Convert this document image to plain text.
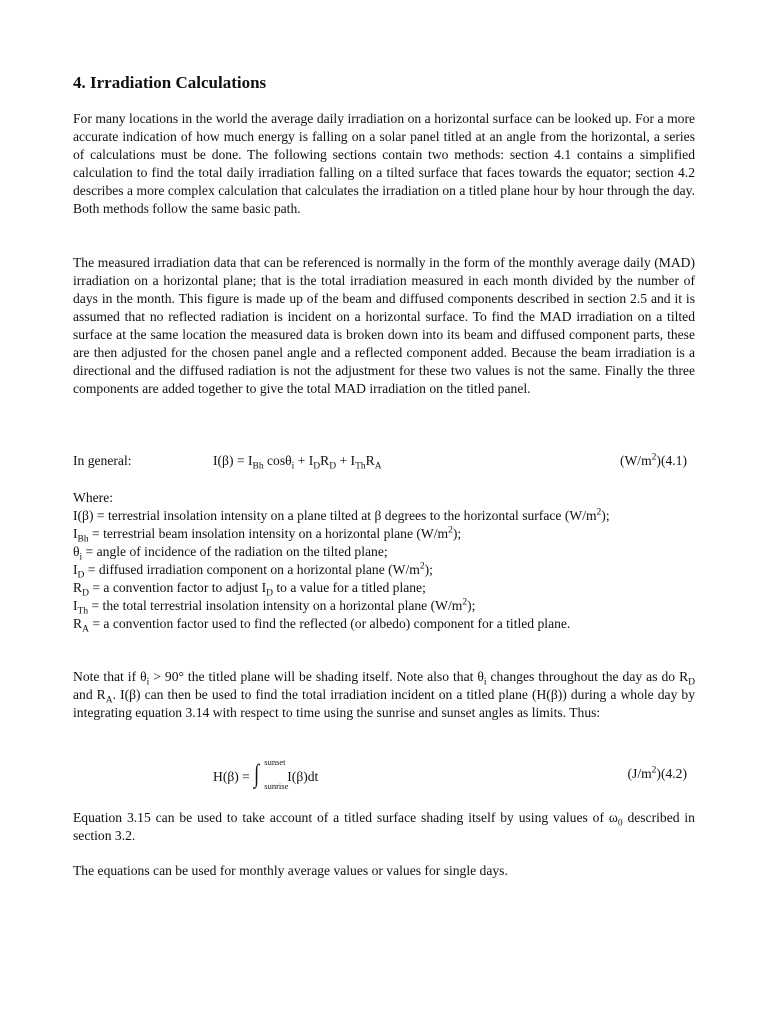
4. Irradiation Calculations

For many locations in the world the average daily irradiation on a horizontal surface can be looked up. For a more accurate indication of how much energy is falling on a solar panel titled at an angle from the horizontal, a series of calculations must be done. The following sections contain two methods: section 4.1 contains a simplified calculation to find the total daily irradiation falling on a tilted surface that faces towards the equator; section 4.2 describes a more complex calculation that calculates the irradiation on a titled plane hour by hour through the day. Both methods follow the same basic path.

The measured irradiation data that can be referenced is normally in the form of the monthly average daily (MAD) irradiation on a horizontal plane; that is the total irradiation measured in each month divided by the number of days in the month. This figure is made up of the beam and diffused components described in section 2.5 and it is assumed that no reflected radiation is incident on a horizontal surface. To find the MAD irradiation on a tilted surface at the same location the measured data is broken down into its beam and diffused component parts, these are then adjusted for the chosen panel angle and a reflected component added. Because the beam irradiation is a directional and the diffused radiation is not the adjustment for these two values is not the same. Finally the three components are added together to give the total MAD irradiation on the titled panel.

In general:	$I(\beta) = I_{Bh}$ $\cos\theta_i + I_DR_D + I_{Th}R_A$	$(W/m^2)(4.1)$

Where:

I(β) = terrestrial insolation intensity on a plane tilted at β degrees to the horizontal surface $(W/m^2)$;

$I_{Bh}$ = terrestrial beam insolation intensity on a horizontal plane $(W/m^2)$;

$\theta_i$ = angle of incidence of the radiation on the tilted plane;

$I_D$ = diffused irradiation component on a horizontal plane $(W/m^2)$;

$R_D = a$ convention factor to adjust $I_D$ to a value for a titled plane;

$I_{Th}$ = the total terrestrial insolation intensity on a horizontal plane $(W/m^2)$;

$R_A = a$ convention factor used to find the reflected (or albedo) component for a titled plane.

Note that if $\theta_i > 90^\circ$ the titled plane will be shading itself. Note also that $\theta_i$ changes throughout the day as do $R_D$ and $R_A$. I(β) can then be used to find the total irradiation incident on a titled plane (H(β)) during a whole day by integrating equation 3.14 with respect to time using the sunrise and sunset angles as limits. Thus:

H(β) = ∫ sunset
sunrise
I(β)dt	$(J/m^2)(4.2)$

Equation 3.15 can be used to take account of a titled surface shading itself by using values of $\omega_0$ described in section 3.2.

The equations can be used for monthly average values or values for single days.
